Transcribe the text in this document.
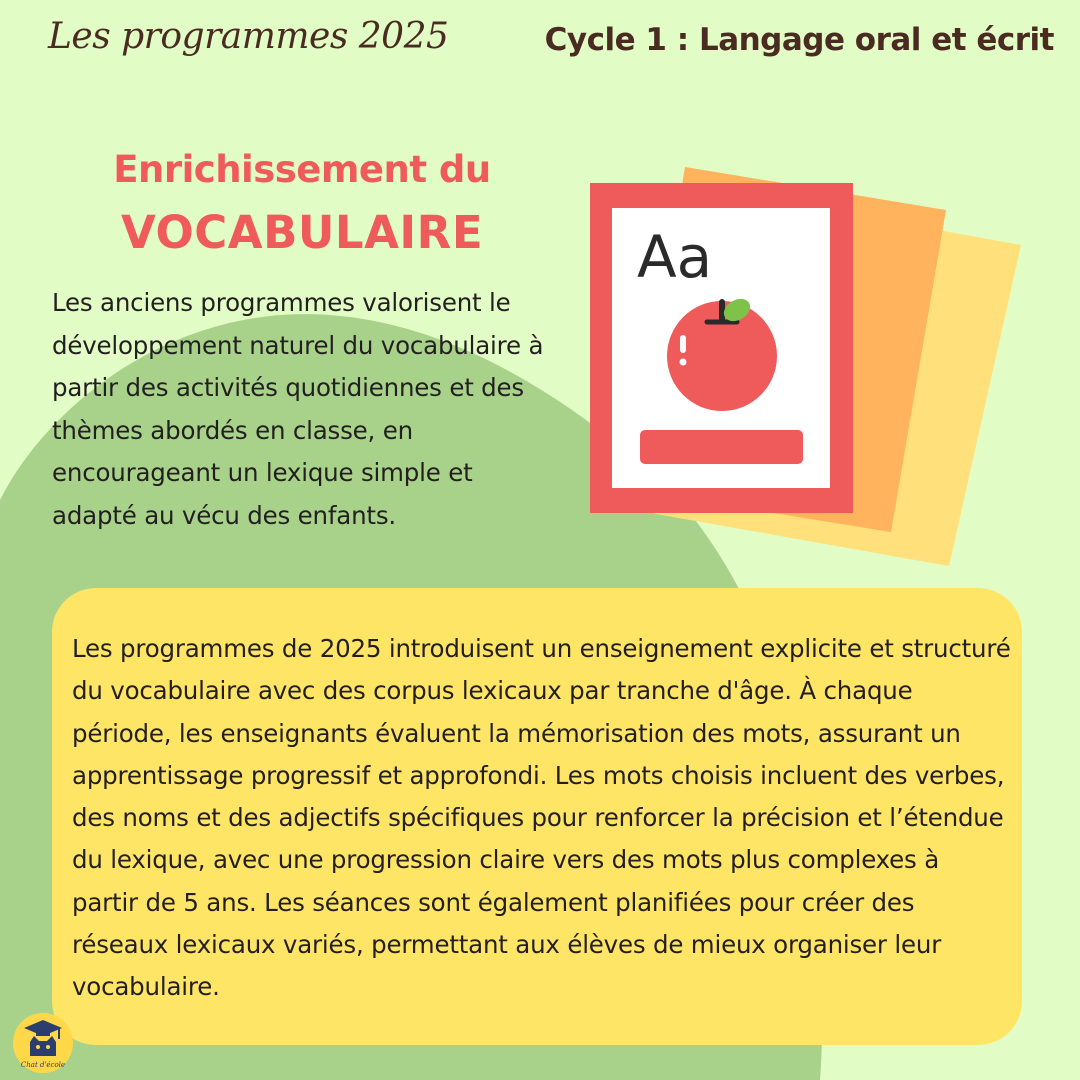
Les programmes 2025	Cycle 1 : Langage oral et écrit
Enrichissement du
VOCABULAIRE

Les anciens programmes valorisent le développement naturel du vocabulaire à partir des activités quotidiennes et des thèmes abordés en classe, en encourageant un lexique simple et adapté au vécu des enfants.

Aa

Les programmes de 2025 introduisent un enseignement explicite et structuré du vocabulaire avec des corpus lexicaux par tranche d'âge. À chaque période, les enseignants évaluent la mémorisation des mots, assurant un apprentissage progressif et approfondi. Les mots choisis incluent des verbes, des noms et des adjectifs spécifiques pour renforcer la précision et l’étendue du lexique, avec une progression claire vers des mots plus complexes à partir de 5 ans. Les séances sont également planifiées pour créer des réseaux lexicaux variés, permettant aux élèves de mieux organiser leur vocabulaire.

Chat d'école
